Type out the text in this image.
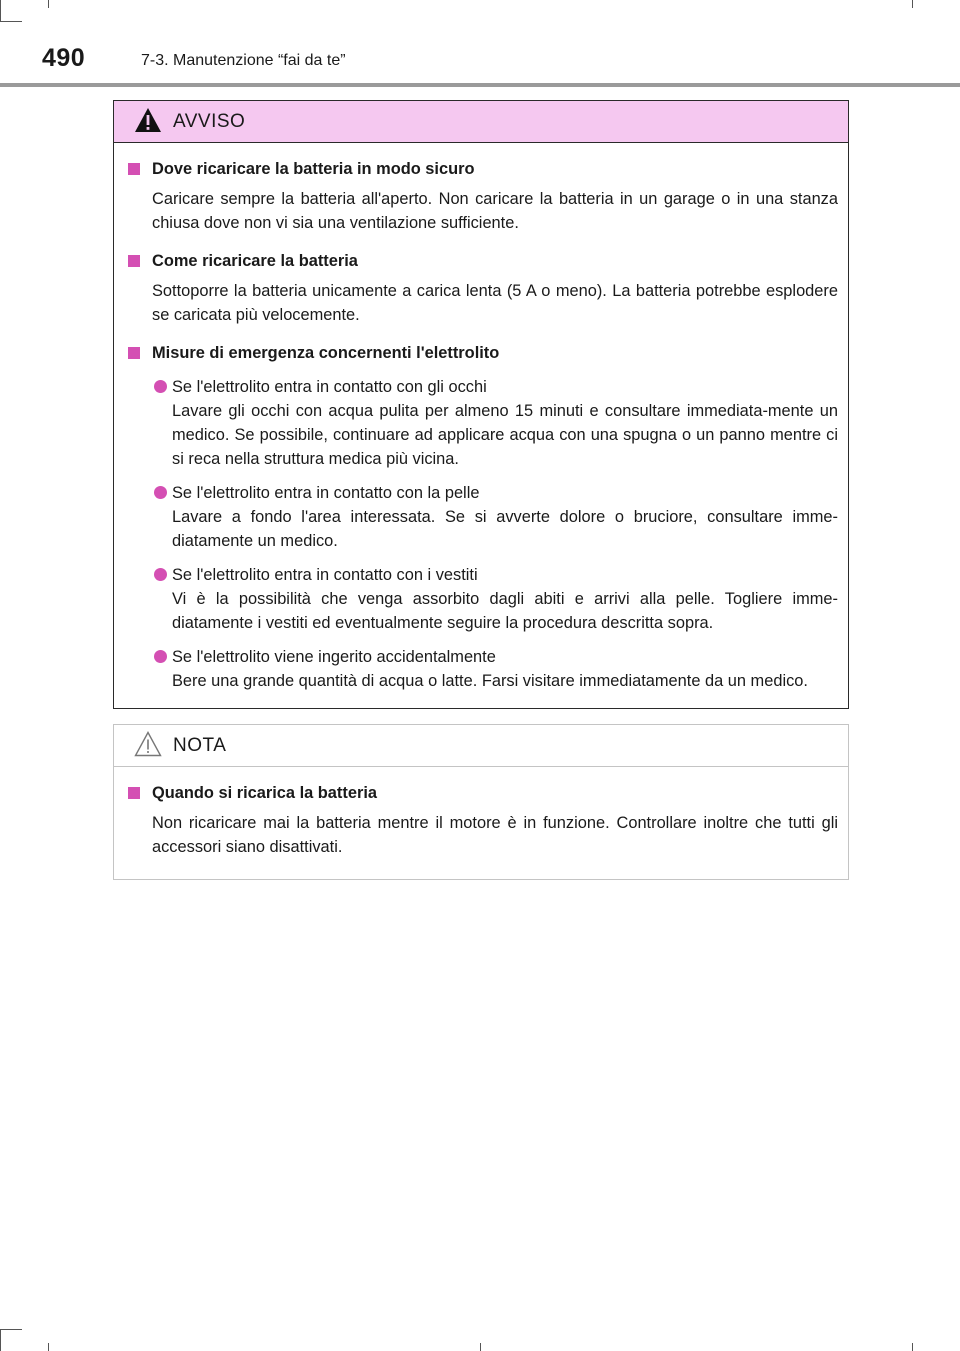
490	7-3. Manutenzione “fai da te”
AVVISO
Dove ricaricare la batteria in modo sicuro
Caricare sempre la batteria all'aperto. Non caricare la batteria in un garage o in una stanza chiusa dove non vi sia una ventilazione sufficiente.
Come ricaricare la batteria
Sottoporre la batteria unicamente a carica lenta (5 A o meno). La batteria potrebbe esplodere se caricata più velocemente.
Misure di emergenza concernenti l'elettrolito

Se l'elettrolito entra in contatto con gli occhi

Lavare gli occhi con acqua pulita per almeno 15 minuti e consultare immediata-mente un medico. Se possibile, continuare ad applicare acqua con una spugna o un panno mentre ci si reca nella struttura medica più vicina.

Se l'elettrolito entra in contatto con la pelle

Lavare a fondo l'area interessata. Se si avverte dolore o bruciore, consultare imme-diatamente un medico.

Se l'elettrolito entra in contatto con i vestiti

Vi è la possibilità che venga assorbito dagli abiti e arrivi alla pelle. Togliere imme-diatamente i vestiti ed eventualmente seguire la procedura descritta sopra.

Se l'elettrolito viene ingerito accidentalmente

Bere una grande quantità di acqua o latte. Farsi visitare immediatamente da un medico.

NOTA
Quando si ricarica la batteria
Non ricaricare mai la batteria mentre il motore è in funzione. Controllare inoltre che tutti gli accessori siano disattivati.
